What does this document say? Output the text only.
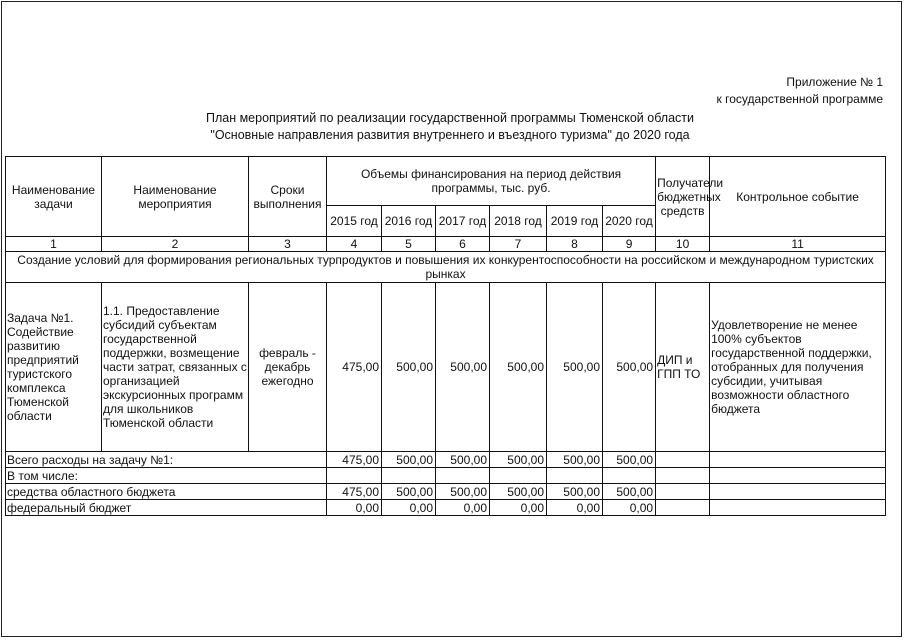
Приложение № 1
к государственной программе
План мероприятий по реализации государственной программы Тюменской области
"Основные направления развития внутреннего и въездного туризма" до 2020 года
Наименование задачи	Наименование мероприятия	Сроки выполнения	Объемы финансирования на период действия программы, тыс. руб.						Получатели бюджетных средств	Контрольное событие
			2015 год	2016 год	2017 год	2018 год	2019 год	2020 год		
1	2	3	4	5	6	7	8	9	10	11
Создание условий для формирования региональных турпродуктов и повышения их конкурентоспособности на российском и международном туристских рынках										
Задача №1. Содействие развитию предприятий туристского комплекса Тюменской области	1.1. Предоставление субсидий субъектам государственной поддержки, возмещение части затрат, связанных с организацией экскурсионных программ для школьников Тюменской области	февраль - декабрь ежегодно	475,00	500,00	500,00	500,00	500,00	500,00	ДИП и ГПП ТО	Удовлетворение не менее 100% субъектов государственной поддержки, отобранных для получения субсидии, учитывая возможности областного бюджета
Всего расходы на задачу №1:			475,00	500,00	500,00	500,00	500,00	500,00		
В том числе:										
средства областного бюджета			475,00	500,00	500,00	500,00	500,00	500,00		
федеральный бюджет			0,00	0,00	0,00	0,00	0,00	0,00		
